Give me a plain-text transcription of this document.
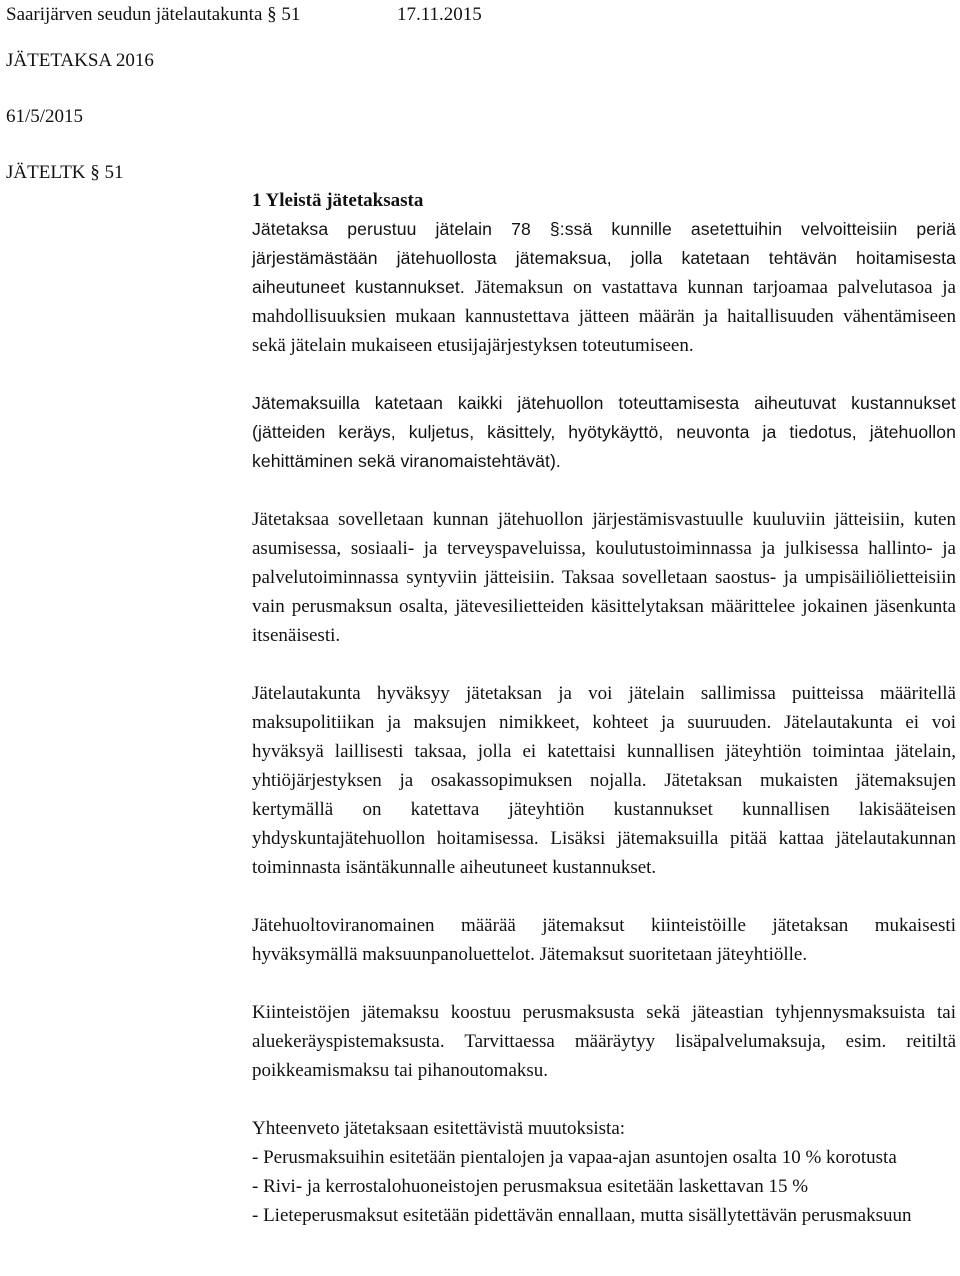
Saarijärven seudun jätelautakunta § 51	17.11.2015
JÄTETAKSA 2016
61/5/2015
JÄTELTK § 51
1 Yleistä jätetaksasta

Jätetaksa perustuu jätelain 78 §:ssä kunnille asetettuihin velvoitteisiin periä järjestämästään jätehuollosta jätemaksua, jolla katetaan tehtävän hoitamisesta aiheutuneet kustannukset. Jätemaksun on vastattava kunnan tarjoamaa palvelutasoa ja mahdollisuuksien mukaan kannustettava jätteen määrän ja haitallisuuden vähentämiseen sekä jätelain mukaiseen etusijajärjestyksen toteutumiseen.

Jätemaksuilla katetaan kaikki jätehuollon toteuttamisesta aiheutuvat kustannukset (jätteiden keräys, kuljetus, käsittely, hyötykäyttö, neuvonta ja tiedotus, jätehuollon kehittäminen sekä viranomaistehtävät).

Jätetaksaa sovelletaan kunnan jätehuollon järjestämisvastuulle kuuluviin jätteisiin, kuten asumisessa, sosiaali- ja terveyspaveluissa, koulutustoiminnassa ja julkisessa hallinto- ja palvelutoiminnassa syntyviin jätteisiin. Taksaa sovelletaan saostus- ja umpisäiliölietteisiin vain perusmaksun osalta, jätevesilietteiden käsittelytaksan määrittelee jokainen jäsenkunta itsenäisesti.

Jätelautakunta hyväksyy jätetaksan ja voi jätelain sallimissa puitteissa määritellä maksupolitiikan ja maksujen nimikkeet, kohteet ja suuruuden. Jätelautakunta ei voi hyväksyä laillisesti taksaa, jolla ei katettaisi kunnallisen jäteyhtiön toimintaa jätelain, yhtiöjärjestyksen ja osakassopimuksen nojalla. Jätetaksan mukaisten jätemaksujen kertymällä on katettava jäteyhtiön kustannukset kunnallisen lakisääteisen yhdyskuntajätehuollon hoitamisessa. Lisäksi jätemaksuilla pitää kattaa jätelautakunnan toiminnasta isäntäkunnalle aiheutuneet kustannukset.

Jätehuoltoviranomainen määrää jätemaksut kiinteistöille jätetaksan mukaisesti hyväksymällä maksuunpanoluettelot. Jätemaksut suoritetaan jäteyhtiölle.

Kiinteistöjen jätemaksu koostuu perusmaksusta sekä jäteastian tyhjennysmaksuista tai aluekeräyspistemaksusta. Tarvittaessa määräytyy lisäpalvelumaksuja, esim. reitiltä poikkeamismaksu tai pihanoutomaksu.

Yhteenveto jätetaksaan esitettävistä muutoksista:

- Perusmaksuihin esitetään pientalojen ja vapaa-ajan asuntojen osalta 10 % korotusta
- Rivi- ja kerrostalohuoneistojen perusmaksua esitetään laskettavan 15 %
- Lieteperusmaksut esitetään pidettävän ennallaan, mutta sisällytettävän perusmaksuun
